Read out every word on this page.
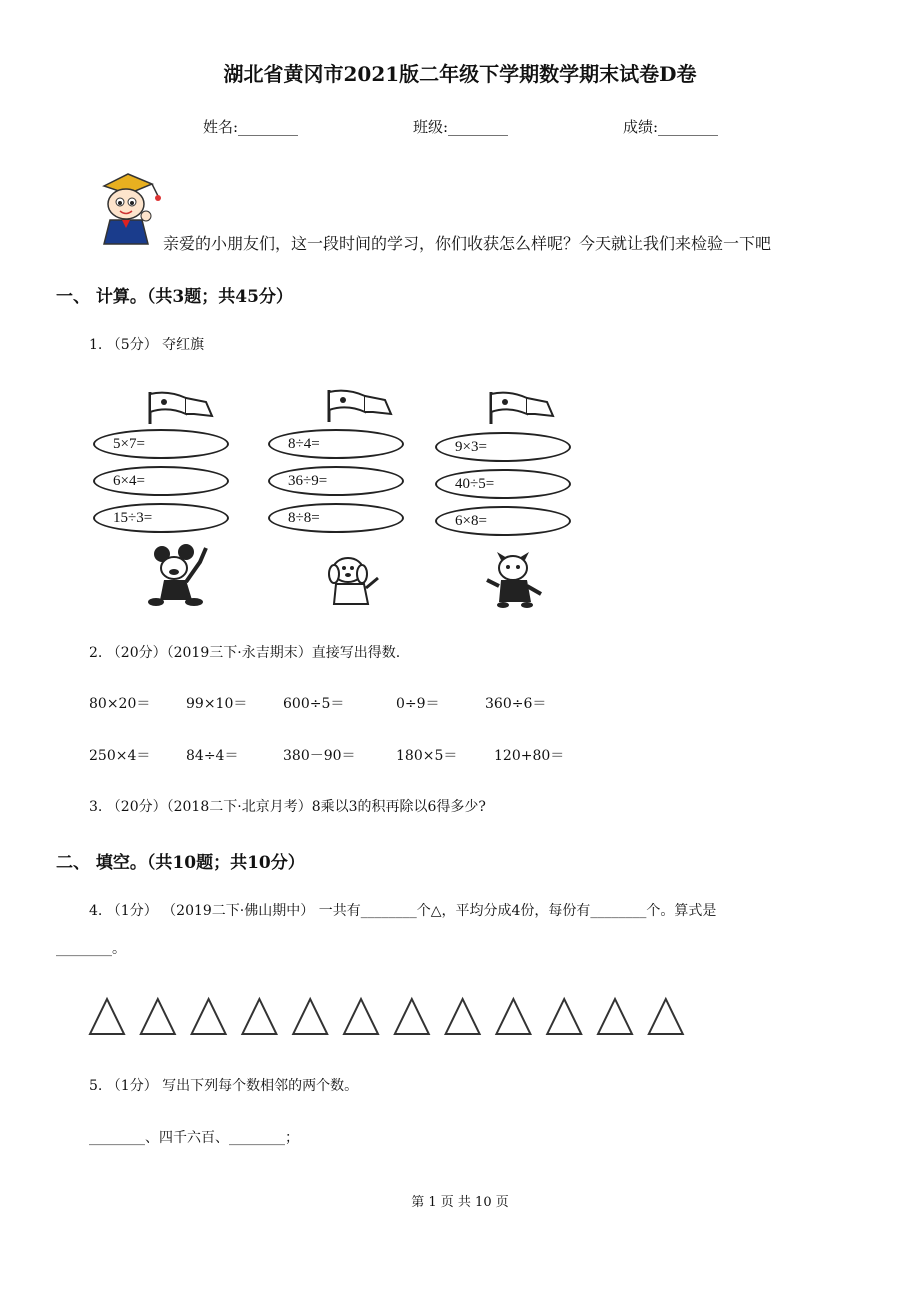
湖北省黄冈市2021版二年级下学期数学期末试卷D卷
姓名:________	班级:________	成绩:________
亲爱的小朋友们，这一段时间的学习，你们收获怎么样呢？今天就让我们来检验一下吧
一、 计算。（共3题；共45分）
1. （5分） 夺红旗
5×7=
6×4=
15÷3=
8÷4=
36÷9=
8÷8=
9×3=
40÷5=
6×8=
2. （20分）（2019三下·永吉期末）直接写出得数.
80×20＝	99×10＝	600÷5＝	0÷9＝	360÷6＝
250×4＝	84÷4＝	380－90＝	180×5＝	120+80＝
3. （20分）（2018二下·北京月考）8乘以3的积再除以6得多少?
二、 填空。（共10题；共10分）
4. （1分） （2019二下·佛山期中） 一共有________个△，平均分成4份，每份有________个。算式是
________。
5. （1分） 写出下列每个数相邻的两个数。
________、四千六百、________；
第 1 页 共 10 页
